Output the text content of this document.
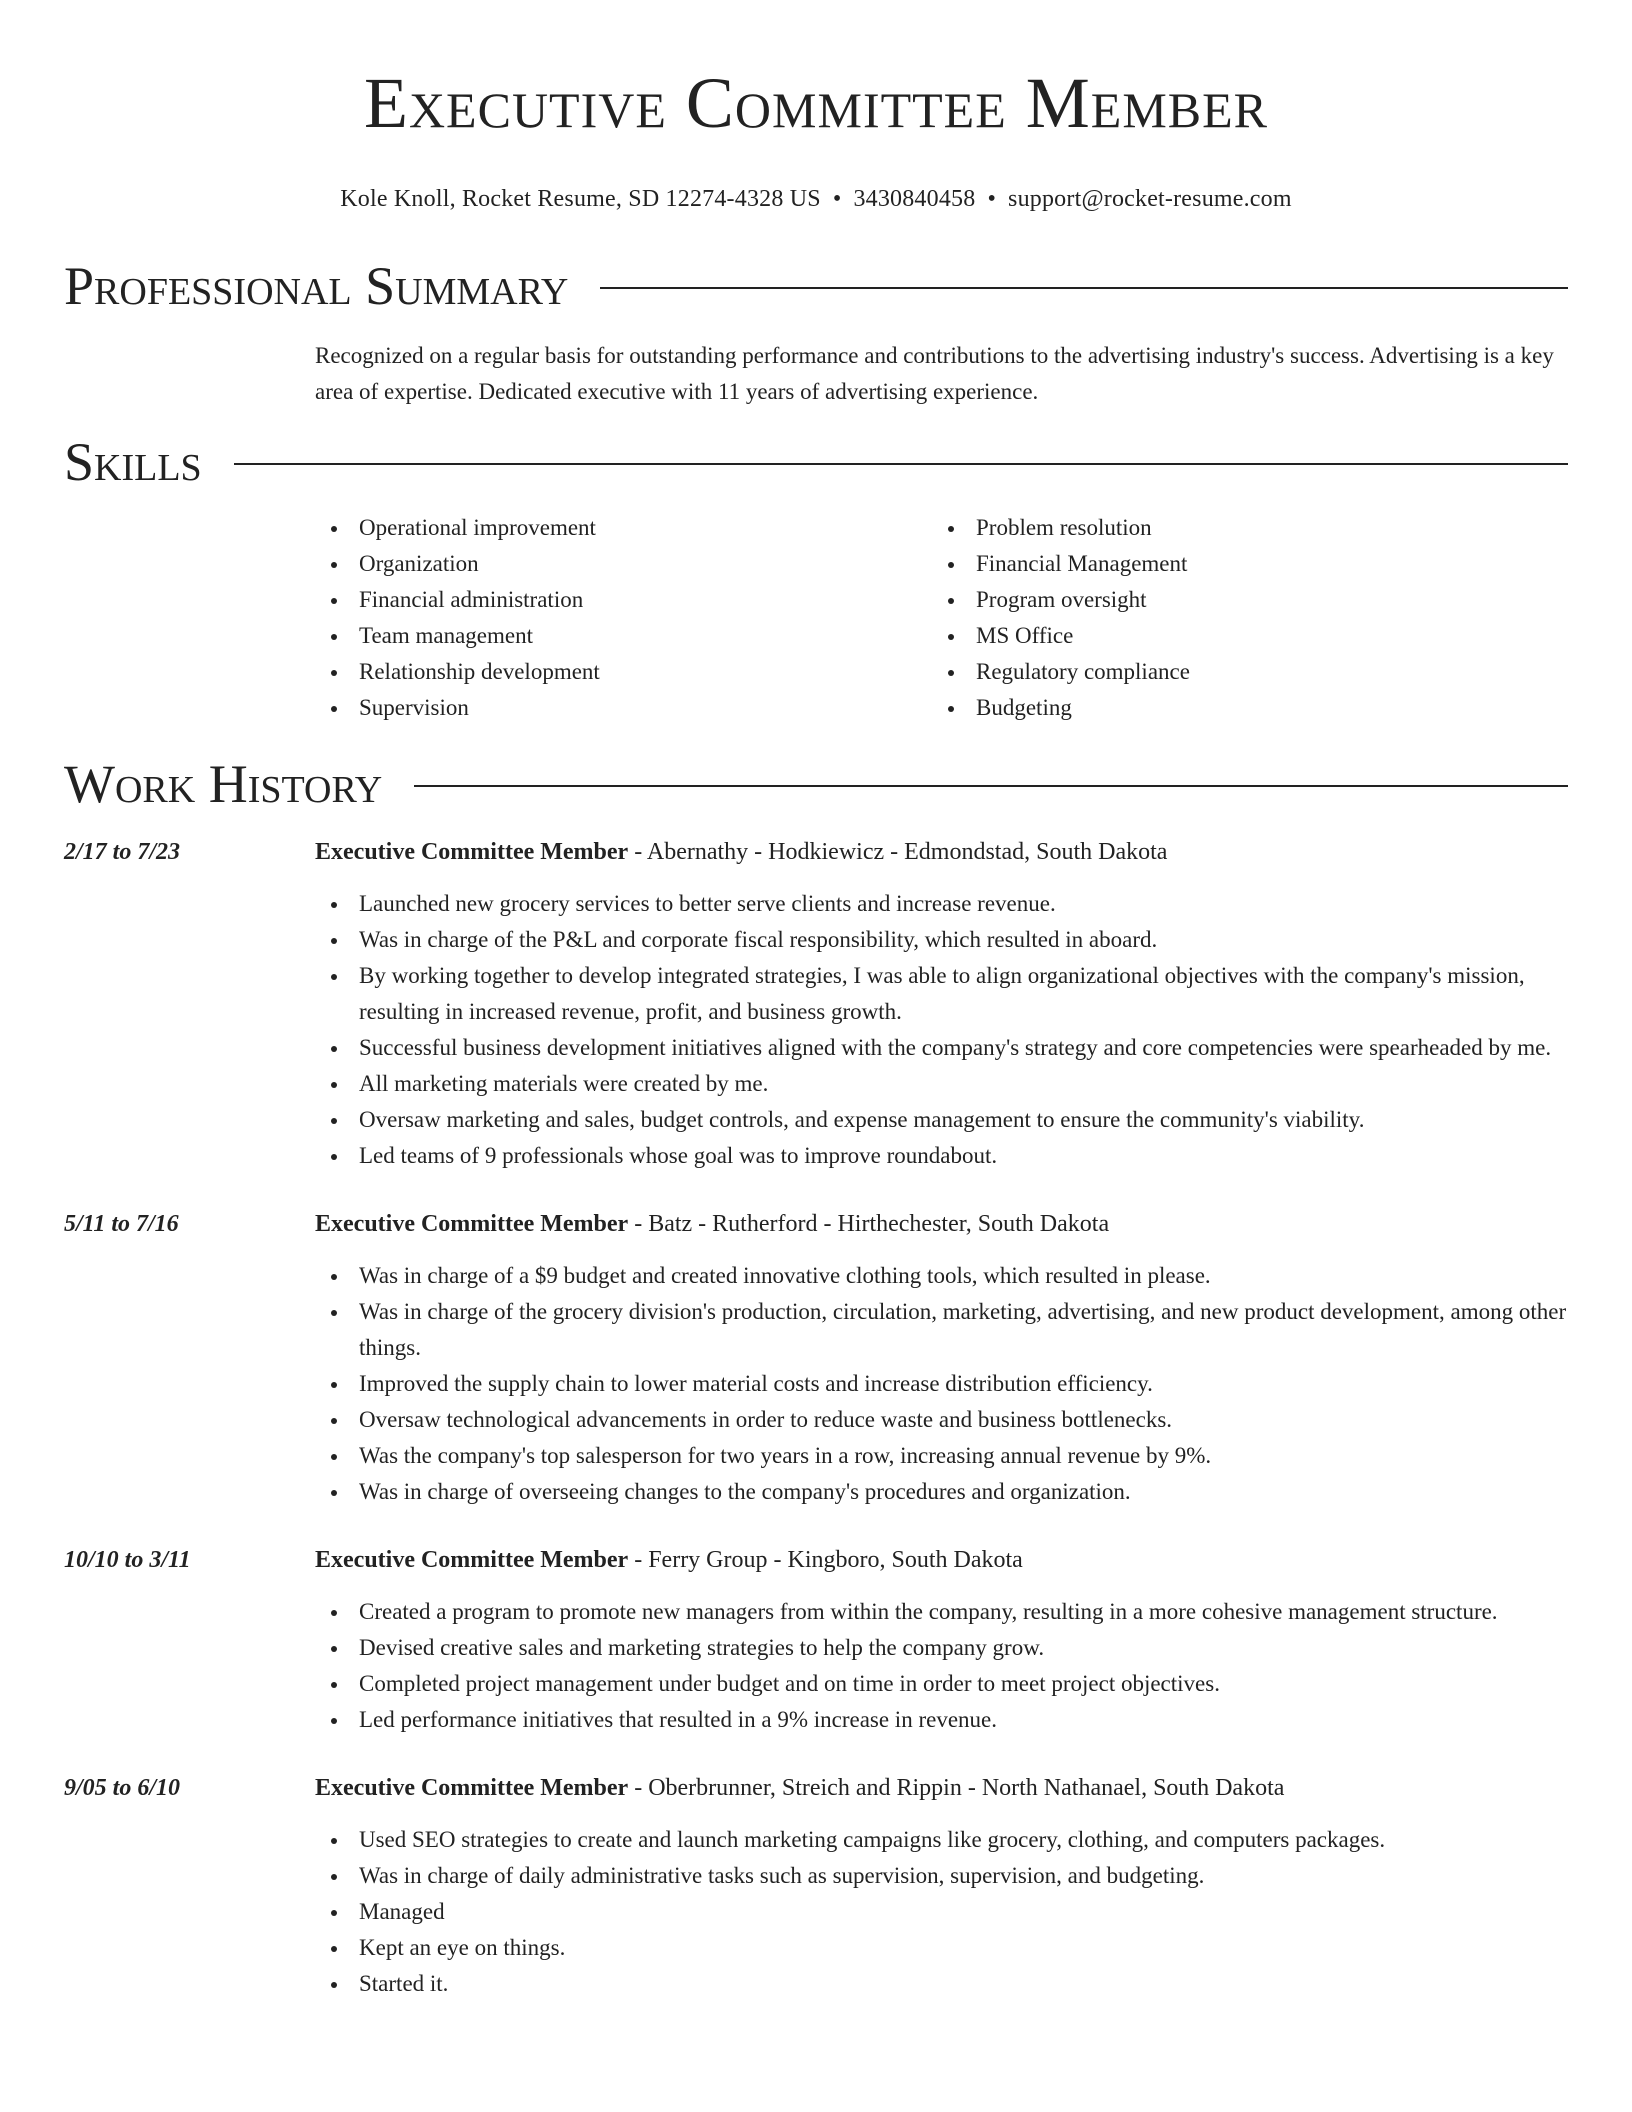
Executive Committee Member
Kole Knoll, Rocket Resume, SD 12274-4328 US • 3430840458 • support@rocket-resume.com
Professional Summary

Recognized on a regular basis for outstanding performance and contributions to the advertising industry's success. Advertising is a key area of expertise. Dedicated executive with 11 years of advertising experience.

Skills
Operational improvement
Organization
Financial administration
Team management
Relationship development
Supervision
Problem resolution
Financial Management
Program oversight
MS Office
Regulatory compliance
Budgeting
Work History
2/17 to 7/23	Executive Committee Member - Abernathy - Hodkiewicz - Edmondstad, South Dakota
Launched new grocery services to better serve clients and increase revenue.
Was in charge of the P&L and corporate fiscal responsibility, which resulted in aboard.
By working together to develop integrated strategies, I was able to align organizational objectives with the company's mission, resulting in increased revenue, profit, and business growth.
Successful business development initiatives aligned with the company's strategy and core competencies were spearheaded by me.
All marketing materials were created by me.
Oversaw marketing and sales, budget controls, and expense management to ensure the community's viability.
Led teams of 9 professionals whose goal was to improve roundabout.
5/11 to 7/16	Executive Committee Member - Batz - Rutherford - Hirthechester, South Dakota
Was in charge of a $9 budget and created innovative clothing tools, which resulted in please.
Was in charge of the grocery division's production, circulation, marketing, advertising, and new product development, among other things.
Improved the supply chain to lower material costs and increase distribution efficiency.
Oversaw technological advancements in order to reduce waste and business bottlenecks.
Was the company's top salesperson for two years in a row, increasing annual revenue by 9%.
Was in charge of overseeing changes to the company's procedures and organization.
10/10 to 3/11	Executive Committee Member - Ferry Group - Kingboro, South Dakota
Created a program to promote new managers from within the company, resulting in a more cohesive management structure.
Devised creative sales and marketing strategies to help the company grow.
Completed project management under budget and on time in order to meet project objectives.
Led performance initiatives that resulted in a 9% increase in revenue.
9/05 to 6/10	Executive Committee Member - Oberbrunner, Streich and Rippin - North Nathanael, South Dakota
Used SEO strategies to create and launch marketing campaigns like grocery, clothing, and computers packages.
Was in charge of daily administrative tasks such as supervision, supervision, and budgeting.
Managed
Kept an eye on things.
Started it.
